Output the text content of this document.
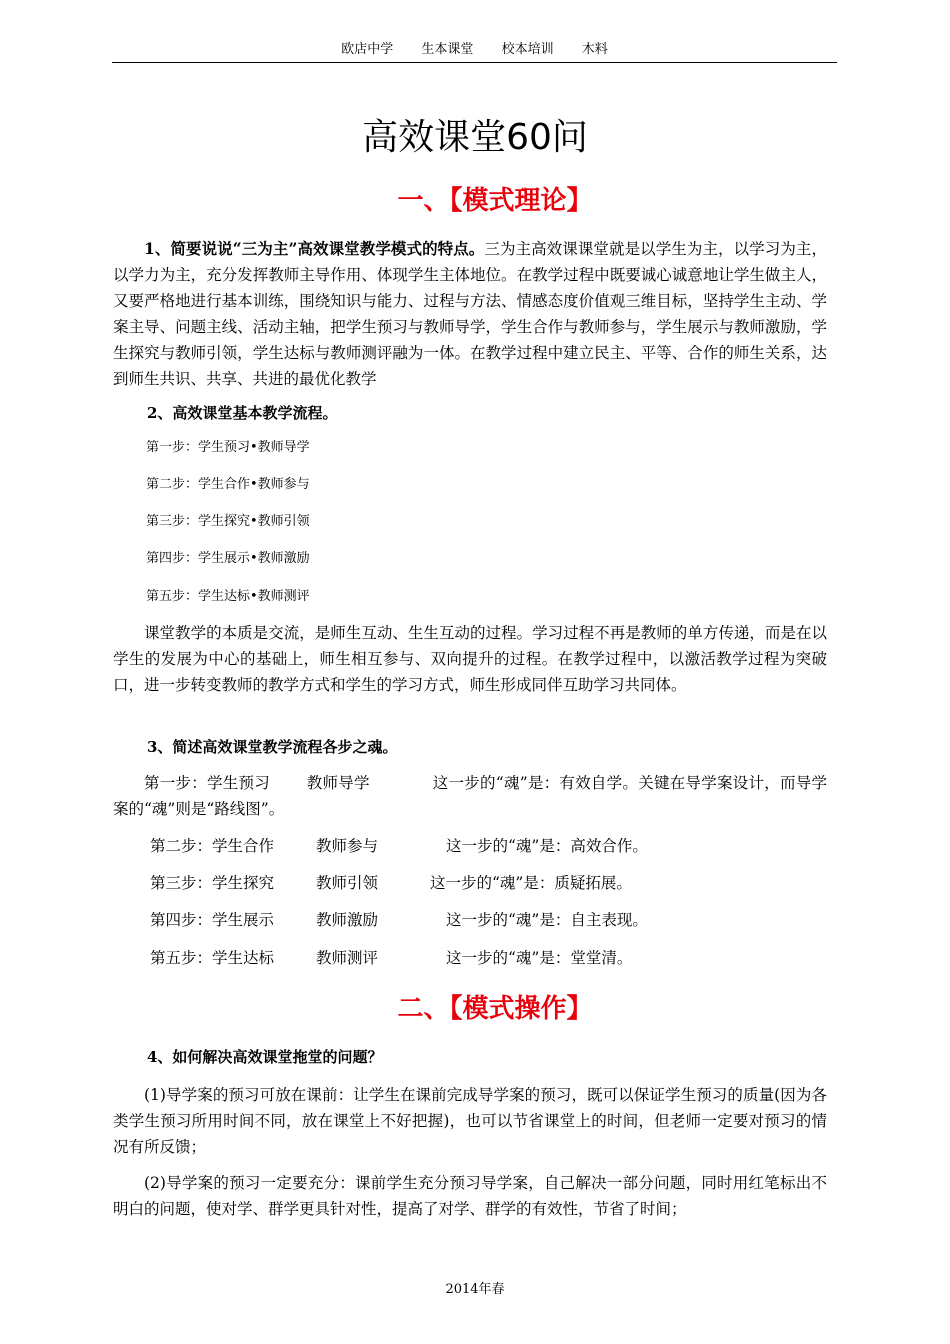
欧店中学 生本课堂 校本培训 木料
高效课堂60问
一、【模式理论】
1、简要说说“三为主”高效课堂教学模式的特点。三为主高效课课堂就是以学生为主，以学习为主，以学力为主，充分发挥教师主导作用、体现学生主体地位。在教学过程中既要诚心诚意地让学生做主人，又要严格地进行基本训练，围绕知识与能力、过程与方法、情感态度价值观三维目标，坚持学生主动、学案主导、问题主线、活动主轴，把学生预习与教师导学，学生合作与教师参与，学生展示与教师激励，学生探究与教师引领，学生达标与教师测评融为一体。在教学过程中建立民主、平等、合作的师生关系，达到师生共识、共享、共进的最优化教学
2、高效课堂基本教学流程。
第一步：学生预习•教师导学
第二步：学生合作•教师参与
第三步：学生探究•教师引领
第四步：学生展示•教师激励
第五步：学生达标•教师测评
课堂教学的本质是交流，是师生互动、生生互动的过程。学习过程不再是教师的单方传递，而是在以学生的发展为中心的基础上，师生相互参与、双向提升的过程。在教学过程中，以激活教学过程为突破口，进一步转变教师的教学方式和学生的学习方式，师生形成同伴互助学习共同体。
3、简述高效课堂教学流程各步之魂。
第一步：学生预习　　 教师导学　　　　这一步的“魂”是：有效自学。关键在导学案设计，而导学案的“魂”则是“路线图”。
第二步：学生合作	教师参与	这一步的“魂”是：高效合作。
第三步：学生探究	教师引领	这一步的“魂”是：质疑拓展。
第四步：学生展示	教师激励	这一步的“魂”是：自主表现。
第五步：学生达标	教师测评	这一步的“魂”是：堂堂清。
二、【模式操作】
4、如何解决高效课堂拖堂的问题？
(1)导学案的预习可放在课前：让学生在课前完成导学案的预习，既可以保证学生预习的质量(因为各类学生预习所用时间不同，放在课堂上不好把握)，也可以节省课堂上的时间，但老师一定要对预习的情况有所反馈；
(2)导学案的预习一定要充分：课前学生充分预习导学案，自己解决一部分问题，同时用红笔标出不明白的问题，使对学、群学更具针对性，提高了对学、群学的有效性，节省了时间；
2014年春
